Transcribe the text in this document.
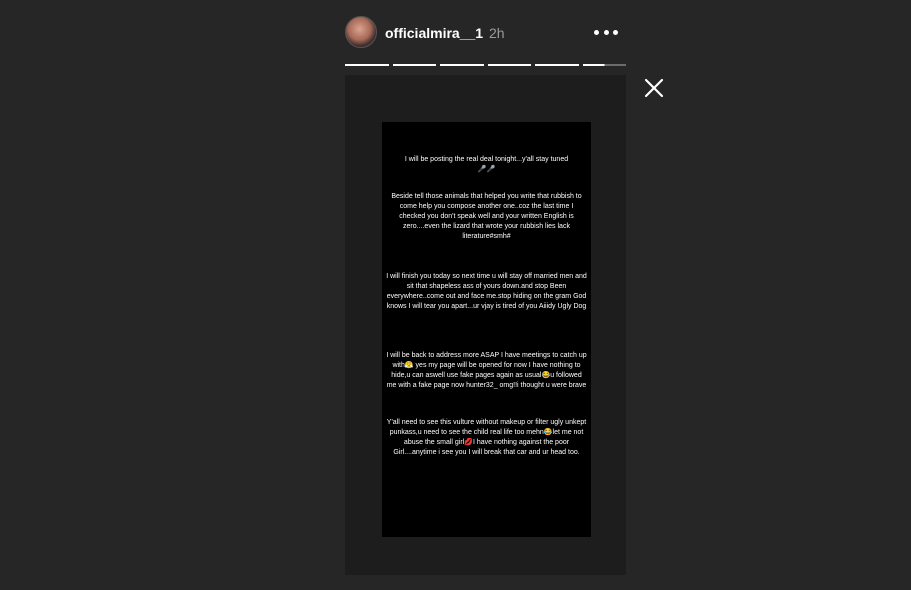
officialmira__1 2h
I will be posting the real deal tonight...y'all stay tuned
🎤🎤
Beside tell those animals that helped you write that rubbish to come help you compose another one..coz the last time I checked you don't speak well and your written English is zero....even the lizard that wrote your rubbish lies lack literature#smh#
I will finish you today so next time u will stay off married men and sit that shapeless ass of yours down.and stop Been everywhere..come out and face me.stop hiding on the gram God knows I will tear you apart...ur vjay is tired of you Aiiidy Ugly Dog
I will be back to address more ASAP I have meetings to catch up with😤 yes my page will be opened for now I have nothing to hide,u can aswell use fake pages again as usual😂u followed me with a fake page now hunter32_ omg!!i thought u were brave
Y'all need to see this vulture without makeup or filter ugly unkept punkass,u need to see the child real life too mehn😂let me not abuse the small girl💋I have nothing against the poor Girl....anytime i see you I will break that car and ur head too.
